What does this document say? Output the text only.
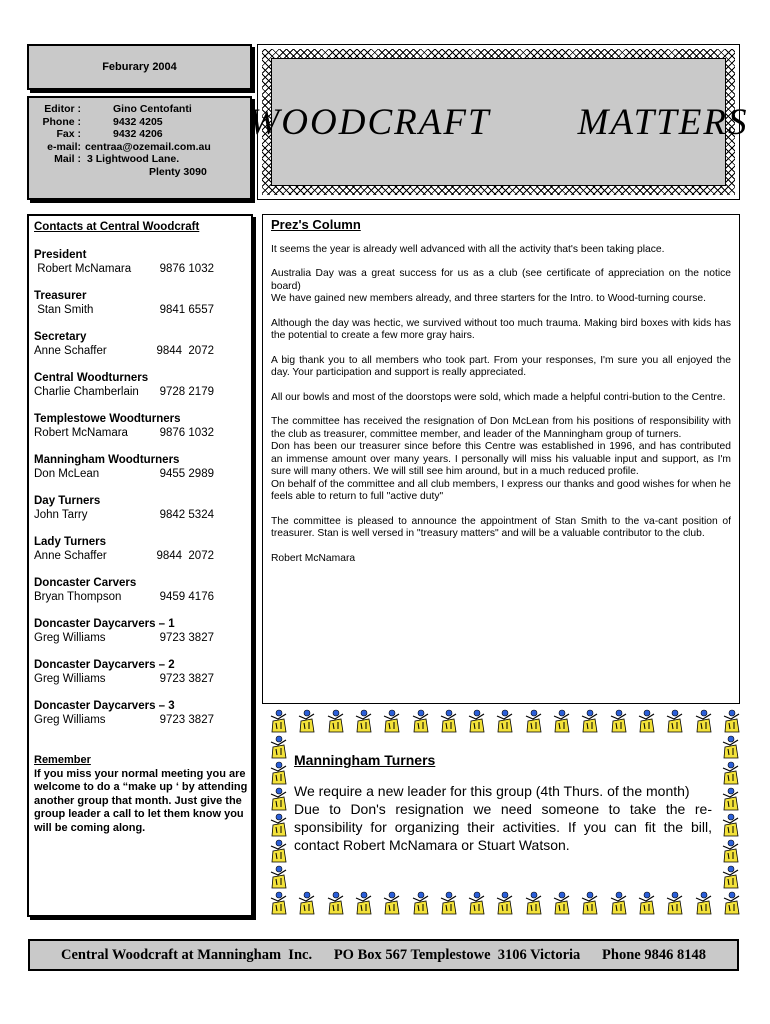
Feburary 2004
Editor :	Gino Centofanti
Phone :	9432 4205
Fax :	9432 4206
e-mail: centraa@ozemail.com.au
Mail : 3 Lightwood Lane.
Plenty 3090
WOODCRAFT   MATTERS
Contacts at Central Woodcraft
President
Robert McNamara 9876 1032
Treasurer
Stan Smith	9841 6557
Secretary
Anne Schaffer	9844  2072
Central Woodturners
Charlie Chamberlain 9728 2179
Templestowe Woodturners
Robert McNamara	9876 1032
Manningham Woodturners
Don McLean	9455 2989
Day Turners
John Tarry	9842 5324
Lady Turners
Anne Schaffer	9844  2072
Doncaster Carvers
Bryan Thompson	9459 4176
Doncaster Daycarvers – 1
Greg Williams	9723 3827
Doncaster Daycarvers – 2
Greg Williams	9723 3827
Doncaster Daycarvers – 3
Greg Williams	9723 3827
Remember
If you miss your normal meeting you are welcome to do a “make up ‘ by attending another group that month. Just give the group leader a call to let them know you will be coming along.
Prez's Column
It seems the year is already well advanced with all the activity that's been taking place.
Australia Day was a great success for us as a club (see certificate of appreciation on the notice board)
We have gained new members already, and three starters for the Intro. to Wood-turning course.
Although the day was hectic, we survived without too much trauma. Making bird boxes with kids has the potential to create a few more gray hairs.
A big thank you to all members who took part. From your responses, I'm sure you all enjoyed the day. Your participation and support is really appreciated.
All our bowls and most of the doorstops were sold, which made a helpful contri-bution to the Centre.
The committee has received the resignation of Don McLean from his positions of responsibility with the club as treasurer, committee member, and leader of the Manningham group of turners.
Don has been our treasurer since before this Centre was established in 1996, and has contributed an immense amount over many years. I personally will miss his valuable input and support, as I'm sure will many others. We will still see him around, but in a much reduced profile.
On behalf of the committee and all club members, I express our thanks and good wishes for when he feels able to return to full "active duty"
The committee is pleased to announce the appointment of Stan Smith to the va-cant position of treasurer. Stan is well versed in "treasury matters" and will be a valuable contributor to the club.
Robert McNamara
Manningham Turners
We require a new leader for this group (4th Thurs. of the month)
Due to Don's resignation we need someone to take the re-sponsibility for organizing their activities. If you can fit the bill, contact Robert McNamara or Stuart Watson.
Central Woodcraft at Manningham  Inc.      PO Box 567 Templestowe  3106 Victoria      Phone 9846 8148
